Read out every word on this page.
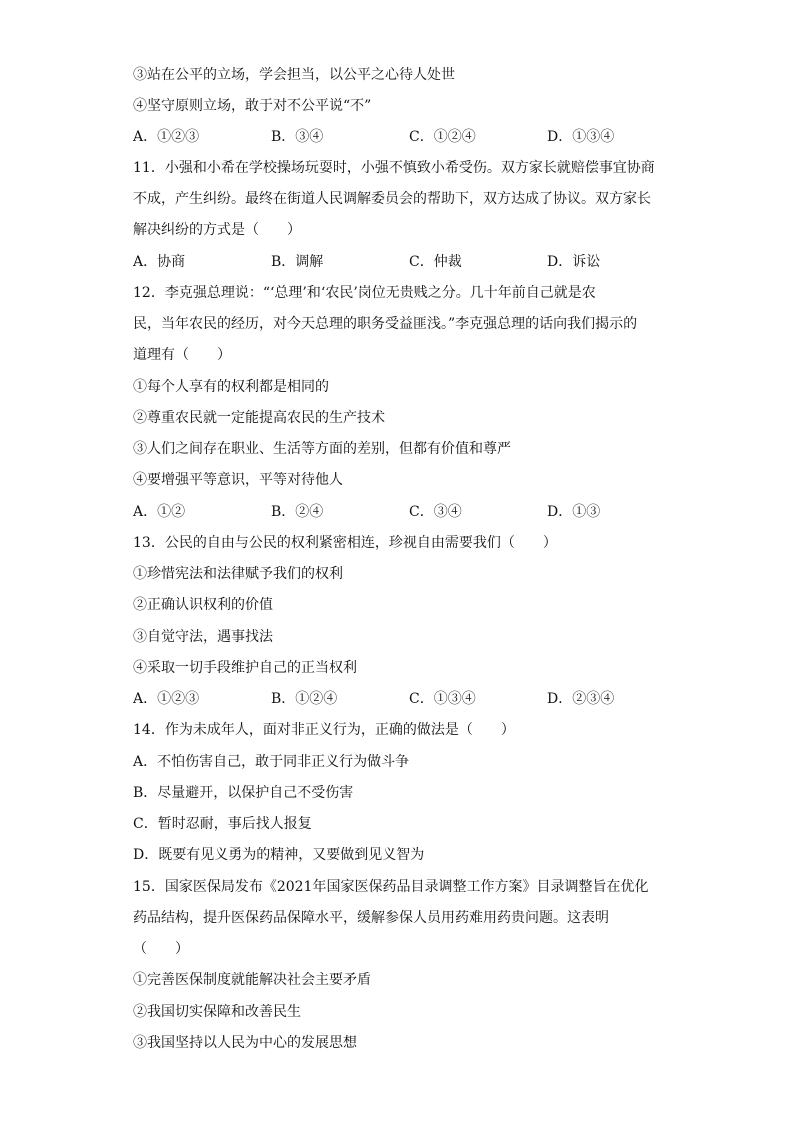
③站在公平的立场，学会担当，以公平之心待人处世
④坚守原则立场，敢于对不公平说“不”
A．①②③	B．③④	C．①②④	D．①③④
11．小强和小希在学校操场玩耍时，小强不慎致小希受伤。双方家长就赔偿事宜协商
不成，产生纠纷。最终在街道人民调解委员会的帮助下，双方达成了协议。双方家长
解决纠纷的方式是（　　）
A．协商	B．调解	C．仲裁	D．诉讼
12．李克强总理说：“‘总理’和‘农民’岗位无贵贱之分。几十年前自己就是农
民，当年农民的经历，对今天总理的职务受益匪浅。”李克强总理的话向我们揭示的
道理有（　　）
①每个人享有的权利都是相同的
②尊重农民就一定能提高农民的生产技术
③人们之间存在职业、生活等方面的差别，但都有价值和尊严
④要增强平等意识，平等对待他人
A．①②	B．②④	C．③④	D．①③
13．公民的自由与公民的权利紧密相连，珍视自由需要我们（　　）
①珍惜宪法和法律赋予我们的权利
②正确认识权利的价值
③自觉守法，遇事找法
④采取一切手段维护自己的正当权利
A．①②③	B．①②④	C．①③④	D．②③④
14．作为未成年人，面对非正义行为，正确的做法是（　　）
A．不怕伤害自己，敢于同非正义行为做斗争
B．尽量避开，以保护自己不受伤害
C．暂时忍耐，事后找人报复
D．既要有见义勇为的精神，又要做到见义智为
15．国家医保局发布《2021年国家医保药品目录调整工作方案》目录调整旨在优化
药品结构，提升医保药品保障水平，缓解参保人员用药难用药贵问题。这表明
（　　）
①完善医保制度就能解决社会主要矛盾
②我国切实保障和改善民生
③我国坚持以人民为中心的发展思想
